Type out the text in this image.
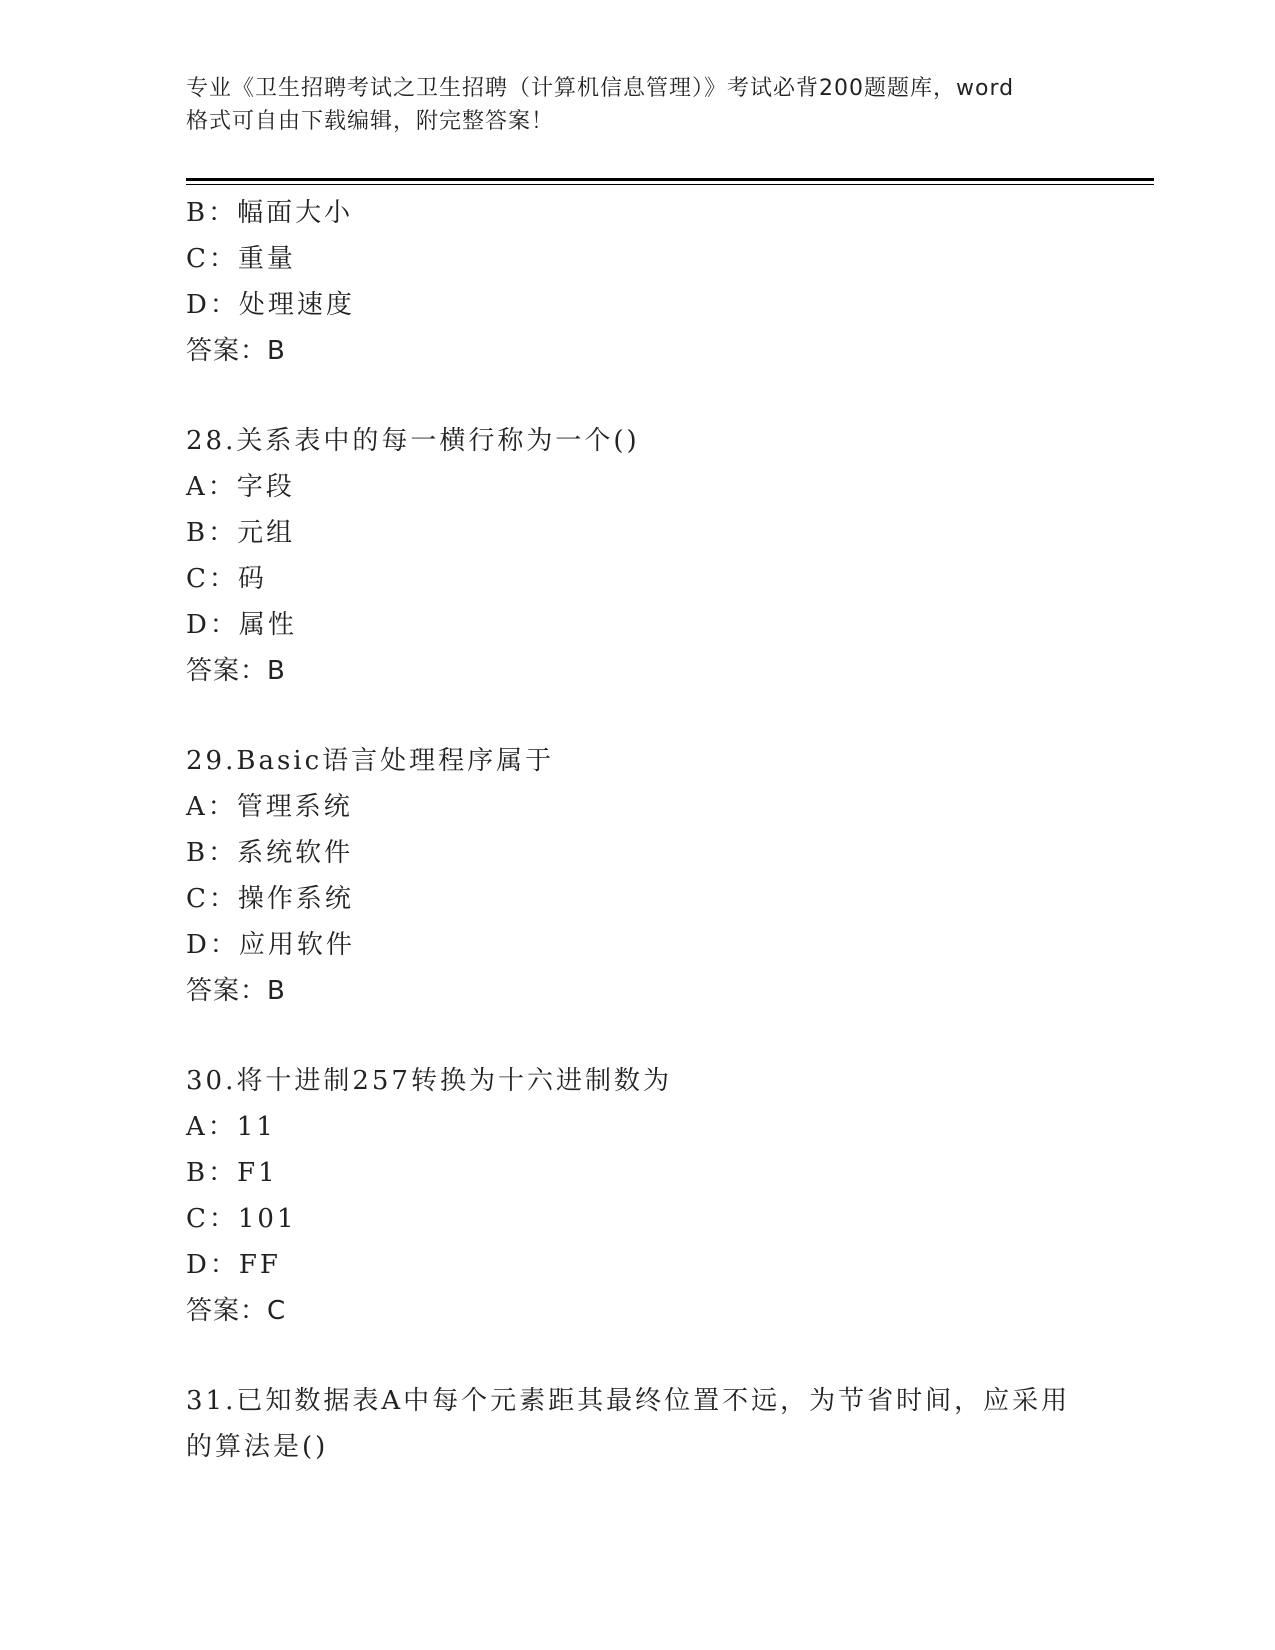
专业《卫生招聘考试之卫生招聘（计算机信息管理）》考试必背200题题库，word
格式可自由下载编辑，附完整答案！
B：幅面大小
C：重量
D：处理速度
答案：B
28.关系表中的每一横行称为一个()
A：字段
B：元组
C：码
D：属性
答案：B
29.Basic语言处理程序属于
A：管理系统
B：系统软件
C：操作系统
D：应用软件
答案：B
30.将十进制257转换为十六进制数为
A：11
B：F1
C：101
D：FF
答案：C
31.已知数据表A中每个元素距其最终位置不远，为节省时间，应采用
的算法是()
